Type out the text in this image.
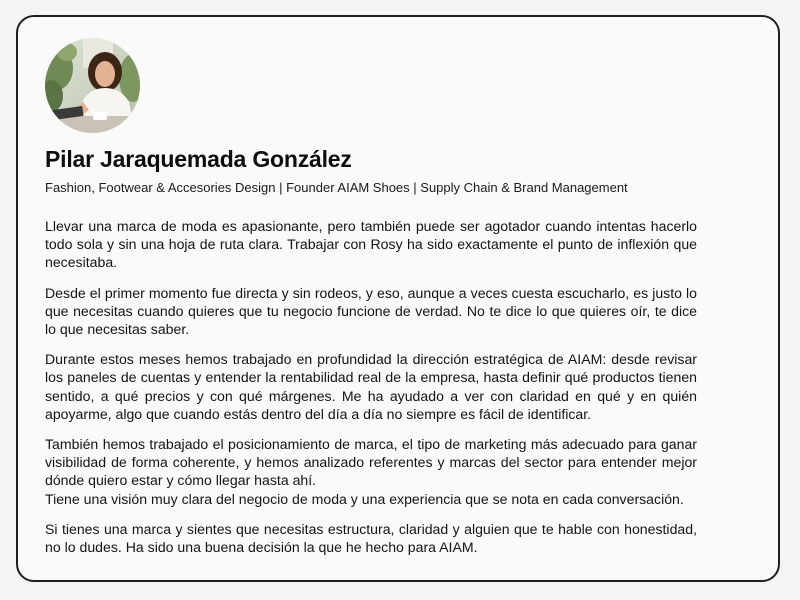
Pilar Jaraquemada González

Fashion, Footwear & Accesories Design | Founder AIAM Shoes | Supply Chain & Brand Management

Llevar una marca de moda es apasionante, pero también puede ser agotador cuando intentas hacerlo todo sola y sin una hoja de ruta clara. Trabajar con Rosy ha sido exactamente el punto de inflexión que necesitaba.

Desde el primer momento fue directa y sin rodeos, y eso, aunque a veces cuesta escucharlo, es justo lo que necesitas cuando quieres que tu negocio funcione de verdad. No te dice lo que quieres oír, te dice lo que necesitas saber.

Durante estos meses hemos trabajado en profundidad la dirección estratégica de AIAM: desde revisar los paneles de cuentas y entender la rentabilidad real de la empresa, hasta definir qué productos tienen sentido, a qué precios y con qué márgenes. Me ha ayudado a ver con claridad en qué y en quién apoyarme, algo que cuando estás dentro del día a día no siempre es fácil de identificar.

También hemos trabajado el posicionamiento de marca, el tipo de marketing más adecuado para ganar visibilidad de forma coherente, y hemos analizado referentes y marcas del sector para entender mejor dónde quiero estar y cómo llegar hasta ahí.

Tiene una visión muy clara del negocio de moda y una experiencia que se nota en cada conversación.

Si tienes una marca y sientes que necesitas estructura, claridad y alguien que te hable con honestidad, no lo dudes. Ha sido una buena decisión la que he hecho para AIAM.
